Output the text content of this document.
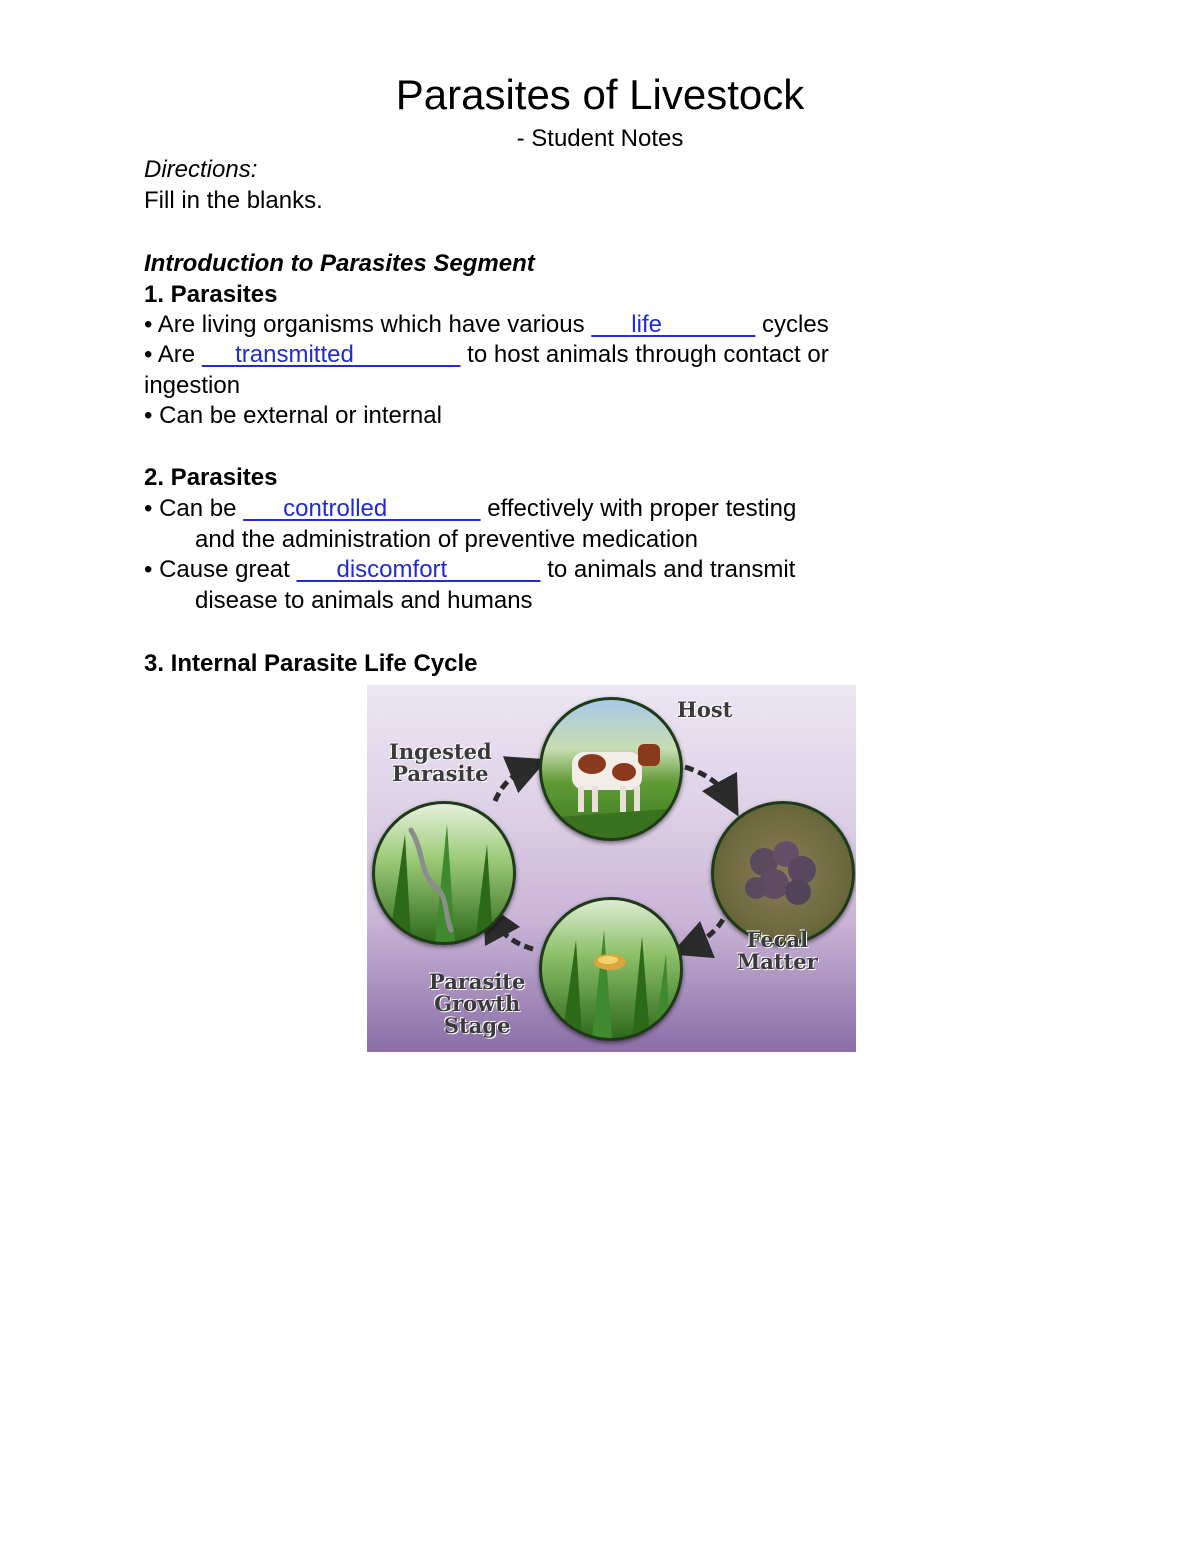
Parasites of Livestock
- Student Notes
Directions:
Fill in the blanks.
Introduction to Parasites Segment
1. Parasites
• Are living organisms which have various       life	cycles
• Are      transmitted	to host animals through contact or
ingestion
• Can be external or internal
2. Parasites
• Can be       controlled	effectively with proper testing
and the administration of preventive medication
• Cause great       discomfort	to animals and transmit
disease to animals and humans
3. Internal Parasite Life Cycle
Host
Ingested
Parasite
Fecal
Matter
Parasite
Growth
Stage
